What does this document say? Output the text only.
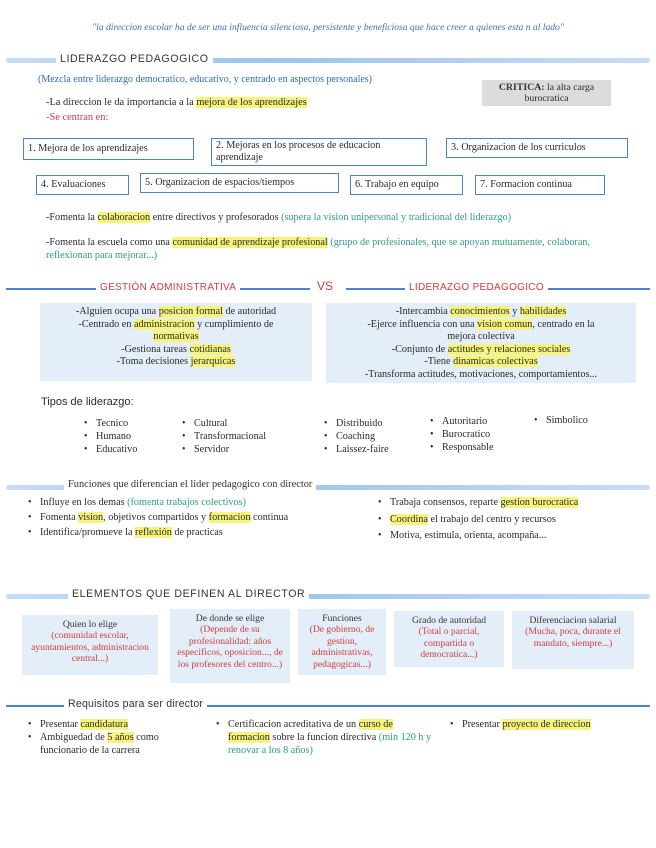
"la direccion escolar ha de ser una influencia silenciosa, persistente y beneficiosa que hace creer a quienes esta n al lado"
LIDERAZGO PEDAGOGICO
(Mezcla entre liderazgo democratico, educativo, y centrado en aspectos personales)
CRITICA: la alta carga burocratica
-La direccion le da importancia a la mejora de los aprendizajes
-Se centran en:
1. Mejora de los aprendizajes	2. Mejoras en los procesos de educacion aprendizaje
3. Organizacion de los curriculos
4. Evaluaciones	5. Organizacion de espacios/tiempos	6. Trabajo en equipo	7. Formacion continua
-Fomenta la colaboracion entre directivos y profesorados (supera la vision unipersonal y tradicional del liderazgo)
-Fomenta la escuela como una comunidad de aprendizaje profesional (grupo de profesionales, que se apoyan mutuamente, colaboran, reflexionan para mejorar...)
GESTIÓN ADMINISTRATIVA	VS	LIDERAZGO PEDAGOGICO
-Alguien ocupa una posicion formal de autoridad
-Centrado en administracion y cumplimiento de
normativas
-Gestiona tareas cotidianas
-Toma decisiones jerarquicas
-Intercambia conocimientos y habilidades
-Ejerce influencia con una vision comun, centrado en la
mejora colectiva
-Conjunto de actitudes y relaciones sociales
-Tiene dinamicas colectivas
-Transforma actitudes, motivaciones, comportamientos...
Tipos de liderazgo:
• Tecnico
• Humano
• Educativo
• Cultural
• Transformacional
• Servidor
• Distribuido
• Coaching
• Laissez-faire
• Autoritario
• Burocratico
• Responsable
• Simbolico
Funciones que diferencian el lider pedagogico con director
• Influye en los demas (fomenta trabajos colectivos)
• Fomenta vision, objetivos compartidos y formacion continua
• Identifica/promueve la reflexión de practicas
• Trabaja consensos, reparte gestion burocratica
• Coordina el trabajo del centro y recursos
• Motiva, estimula, orienta, acompaña...
ELEMENTOS QUE DEFINEN AL DIRECTOR
Quien lo elige
(comunidad escolar, ayuntamientos, administracion central...)
De donde se elige
(Depende de su profesionalidad: años especificos, oposicion..., de los profesores del centro...)
Funciones
(De gobierno, de gestion, administrativas, pedagogicas...)
Grado de autoridad
(Total o parcial, compartida o democratica...)
Diferenciacion salarial
(Mucha, poca, durante el mandato, siempre...)
Requisitos para ser director
• Presentar candidatura
• Ambiguedad de 5 años como funcionario de la carrera
• Certificacion acreditativa de un curso de formacion sobre la funcion directiva (min 120 h y renovar a los 8 años)
• Presentar proyecto de direccion
